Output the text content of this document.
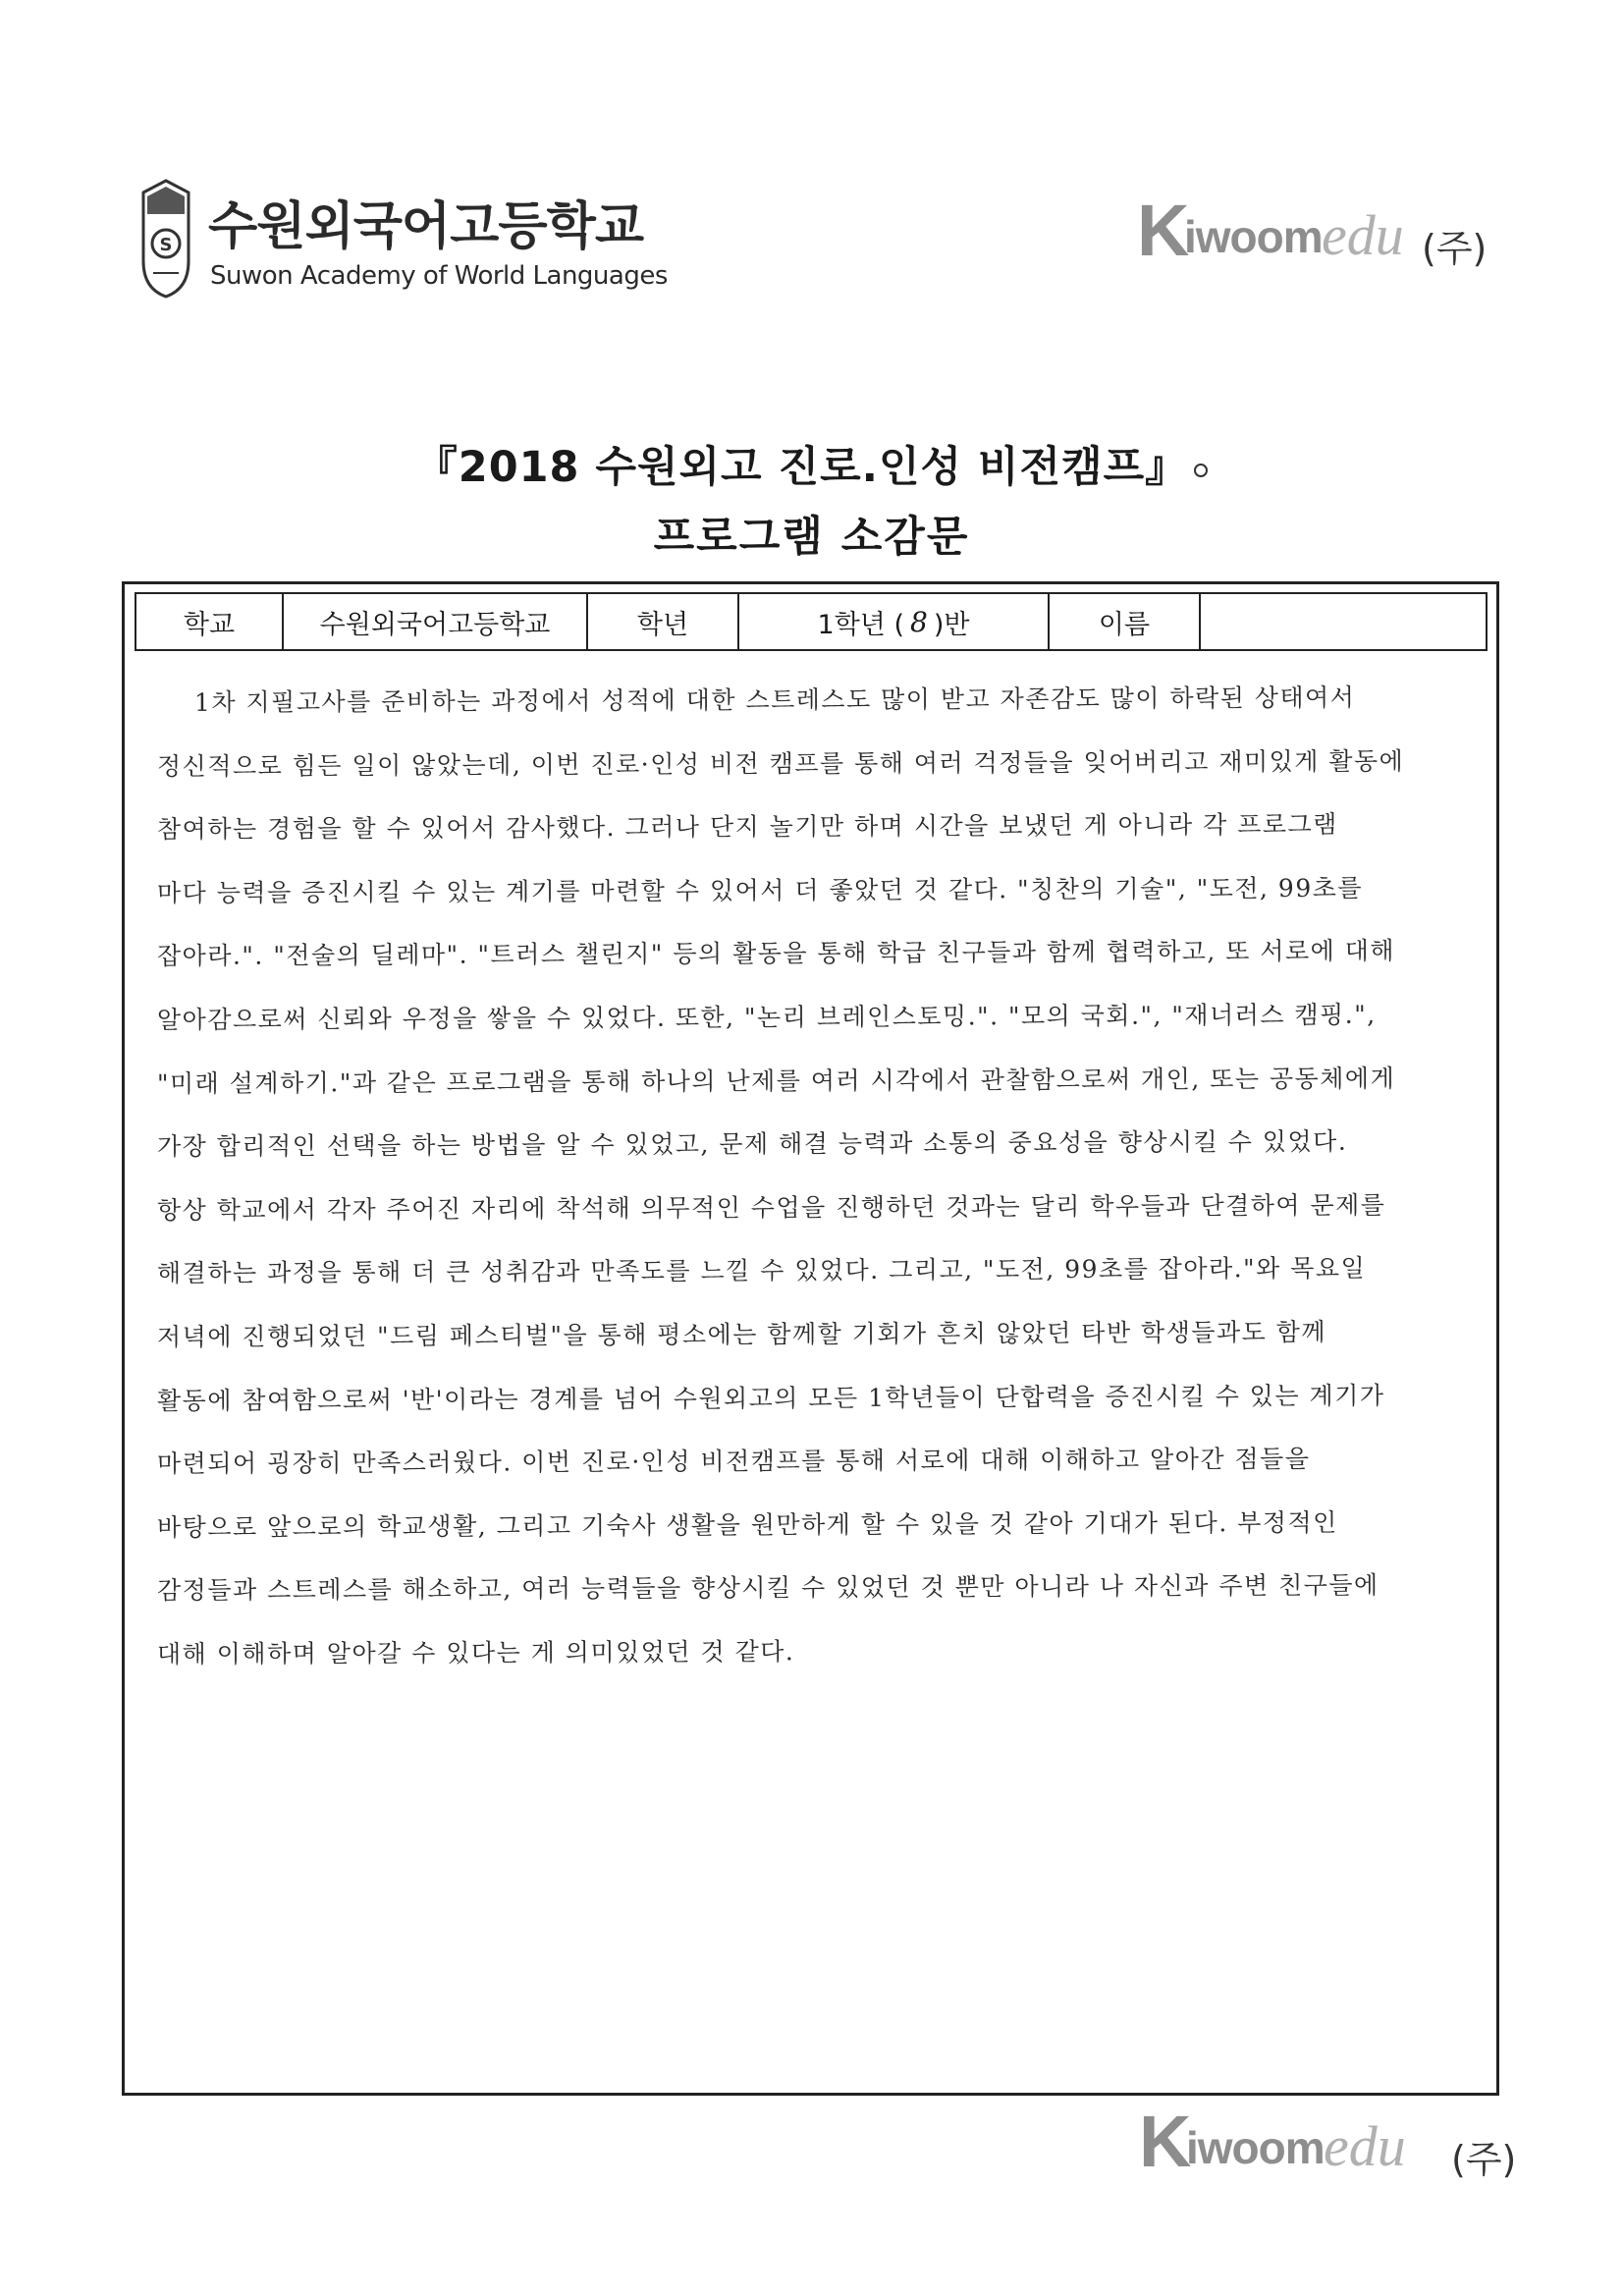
S 수원외국어고등학교
Suwon Academy of World Languages
K
iwoom edu (주)
『2018 수원외고 진로.인성 비전캠프』
프로그램 소감문
학교	수원외국어고등학교	학년	1학년 ( 8 )반	이름
1차 지필고사를 준비하는 과정에서 성적에 대한 스트레스도 많이 받고 자존감도 많이 하락된 상태여서
정신적으로 힘든 일이 않았는데, 이번 진로·인성 비전 캠프를 통해 여러 걱정들을 잊어버리고 재미있게 활동에
참여하는 경험을 할 수 있어서 감사했다. 그러나 단지 놀기만 하며 시간을 보냈던 게 아니라 각 프로그램
마다 능력을 증진시킬 수 있는 계기를 마련할 수 있어서 더 좋았던 것 같다. "칭찬의 기술", "도전, 99초를
잡아라.". "전술의 딜레마". "트러스 챌린지" 등의 활동을 통해 학급 친구들과 함께 협력하고, 또 서로에 대해
알아감으로써 신뢰와 우정을 쌓을 수 있었다. 또한, "논리 브레인스토밍.". "모의 국회.", "재너러스 캠핑.",
"미래 설계하기."과 같은 프로그램을 통해 하나의 난제를 여러 시각에서 관찰함으로써 개인, 또는 공동체에게
가장 합리적인 선택을 하는 방법을 알 수 있었고, 문제 해결 능력과 소통의 중요성을 향상시킬 수 있었다.
항상 학교에서 각자 주어진 자리에 착석해 의무적인 수업을 진행하던 것과는 달리 학우들과 단결하여 문제를
해결하는 과정을 통해 더 큰 성취감과 만족도를 느낄 수 있었다. 그리고, "도전, 99초를 잡아라."와 목요일
저녁에 진행되었던 "드림 페스티벌"을 통해 평소에는 함께할 기회가 흔치 않았던 타반 학생들과도 함께
활동에 참여함으로써 '반'이라는 경계를 넘어 수원외고의 모든 1학년들이 단합력을 증진시킬 수 있는 계기가
마련되어 굉장히 만족스러웠다. 이번 진로·인성 비전캠프를 통해 서로에 대해 이해하고 알아간 점들을
바탕으로 앞으로의 학교생활, 그리고 기숙사 생활을 원만하게 할 수 있을 것 같아 기대가 된다. 부정적인
감정들과 스트레스를 해소하고, 여러 능력들을 향상시킬 수 있었던 것 뿐만 아니라 나 자신과 주변 친구들에
대해 이해하며 알아갈 수 있다는 게 의미있었던 것 같다.
K
iwoom edu (주)
